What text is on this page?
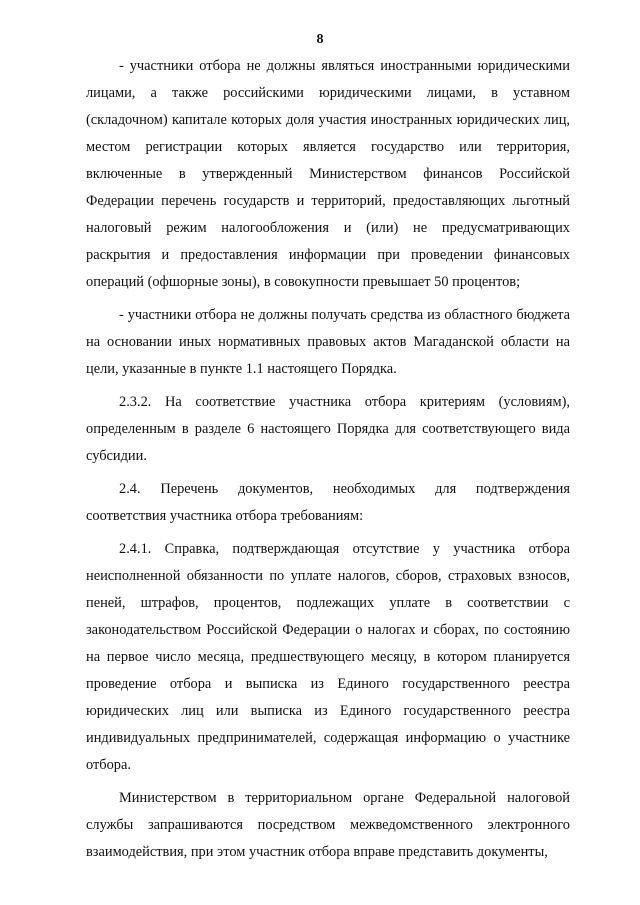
8

- участники отбора не должны являться иностранными юридическими лицами, а также российскими юридическими лицами, в уставном (складочном) капитале которых доля участия иностранных юридических лиц, местом регистрации которых является государство или территория, включенные в утвержденный Министерством финансов Российской Федерации перечень государств и территорий, предоставляющих льготный налоговый режим налогообложения и (или) не предусматривающих раскрытия и предоставления информации при проведении финансовых операций (офшорные зоны), в совокупности превышает 50 процентов;

- участники отбора не должны получать средства из областного бюджета на основании иных нормативных правовых актов Магаданской области на цели, указанные в пункте 1.1 настоящего Порядка.

2.3.2. На соответствие участника отбора критериям (условиям), определенным в разделе 6 настоящего Порядка для соответствующего вида субсидии.

2.4. Перечень документов, необходимых для подтверждения соответствия участника отбора требованиям:

2.4.1. Справка, подтверждающая отсутствие у участника отбора неисполненной обязанности по уплате налогов, сборов, страховых взносов, пеней, штрафов, процентов, подлежащих уплате в соответствии с законодательством Российской Федерации о налогах и сборах, по состоянию на первое число месяца, предшествующего месяцу, в котором планируется проведение отбора и выписка из Единого государственного реестра юридических лиц или выписка из Единого государственного реестра индивидуальных предпринимателей, содержащая информацию о участнике отбора.

Министерством в территориальном органе Федеральной налоговой службы запрашиваются посредством межведомственного электронного взаимодействия, при этом участник отбора вправе представить документы,
